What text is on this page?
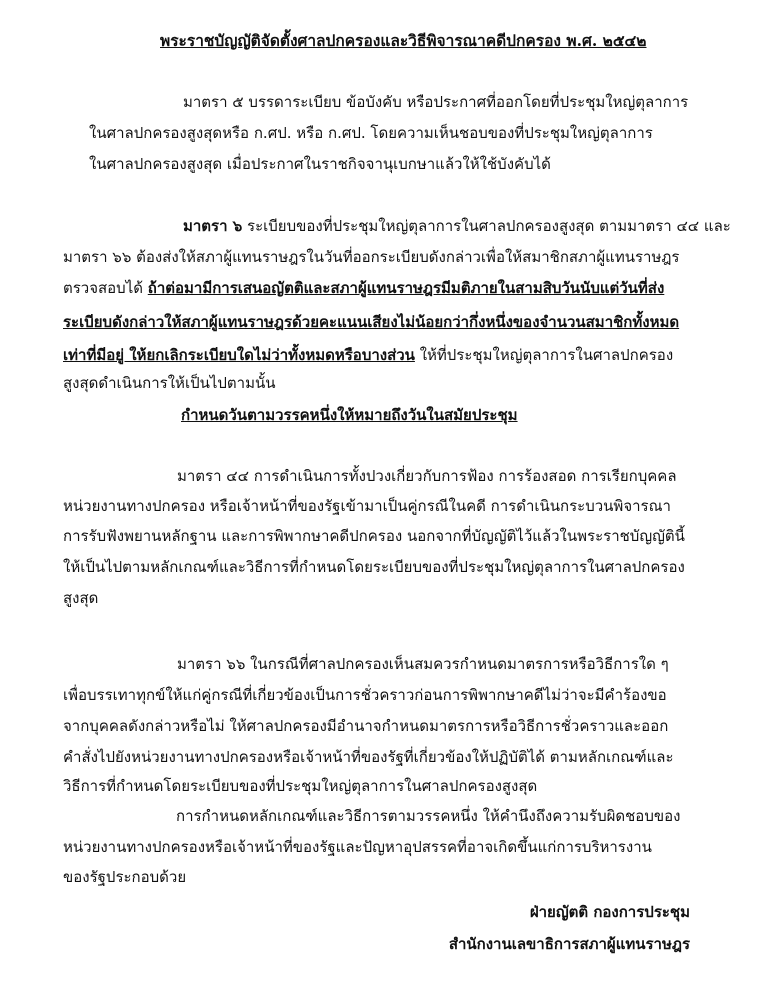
พระราชบัญญัติจัดตั้งศาลปกครองและวิธีพิจารณาคดีปกครอง พ.ศ. ๒๕๔๒
มาตรา ๕ บรรดาระเบียบ ข้อบังคับ หรือประกาศที่ออกโดยที่ประชุมใหญ่ตุลาการ
ในศาลปกครองสูงสุดหรือ ก.ศป. หรือ ก.ศป. โดยความเห็นชอบของที่ประชุมใหญ่ตุลาการ
ในศาลปกครองสูงสุด เมื่อประกาศในราชกิจจานุเบกษาแล้วให้ใช้บังคับได้
มาตรา ๖ ระเบียบของที่ประชุมใหญ่ตุลาการในศาลปกครองสูงสุด ตามมาตรา ๔๔ และ
มาตรา ๖๖ ต้องส่งให้สภาผู้แทนราษฎรในวันที่ออกระเบียบดังกล่าวเพื่อให้สมาชิกสภาผู้แทนราษฎร
ตรวจสอบได้ ถ้าต่อมามีการเสนอญัตติและสภาผู้แทนราษฎรมีมติภายในสามสิบวันนับแต่วันที่ส่ง
ระเบียบดังกล่าวให้สภาผู้แทนราษฎรด้วยคะแนนเสียงไม่น้อยกว่ากึ่งหนึ่งของจำนวนสมาชิกทั้งหมด
เท่าที่มีอยู่ ให้ยกเลิกระเบียบใดไม่ว่าทั้งหมดหรือบางส่วน ให้ที่ประชุมใหญ่ตุลาการในศาลปกครอง
สูงสุดดำเนินการให้เป็นไปตามนั้น
กำหนดวันตามวรรคหนึ่งให้หมายถึงวันในสมัยประชุม
มาตรา ๔๔ การดำเนินการทั้งปวงเกี่ยวกับการฟ้อง การร้องสอด การเรียกบุคคล
หน่วยงานทางปกครอง หรือเจ้าหน้าที่ของรัฐเข้ามาเป็นคู่กรณีในคดี การดำเนินกระบวนพิจารณา
การรับฟังพยานหลักฐาน และการพิพากษาคดีปกครอง นอกจากที่บัญญัติไว้แล้วในพระราชบัญญัตินี้
ให้เป็นไปตามหลักเกณฑ์และวิธีการที่กำหนดโดยระเบียบของที่ประชุมใหญ่ตุลาการในศาลปกครอง
สูงสุด
มาตรา ๖๖ ในกรณีที่ศาลปกครองเห็นสมควรกำหนดมาตรการหรือวิธีการใด ๆ
เพื่อบรรเทาทุกข์ให้แก่คู่กรณีที่เกี่ยวข้องเป็นการชั่วคราวก่อนการพิพากษาคดีไม่ว่าจะมีคำร้องขอ
จากบุคคลดังกล่าวหรือไม่ ให้ศาลปกครองมีอำนาจกำหนดมาตรการหรือวิธีการชั่วคราวและออก
คำสั่งไปยังหน่วยงานทางปกครองหรือเจ้าหน้าที่ของรัฐที่เกี่ยวข้องให้ปฏิบัติได้ ตามหลักเกณฑ์และ
วิธีการที่กำหนดโดยระเบียบของที่ประชุมใหญ่ตุลาการในศาลปกครองสูงสุด
การกำหนดหลักเกณฑ์และวิธีการตามวรรคหนึ่ง ให้คำนึงถึงความรับผิดชอบของ
หน่วยงานทางปกครองหรือเจ้าหน้าที่ของรัฐและปัญหาอุปสรรคที่อาจเกิดขึ้นแก่การบริหารงาน
ของรัฐประกอบด้วย
ฝ่ายญัตติ กองการประชุม
สำนักงานเลขาธิการสภาผู้แทนราษฎร
